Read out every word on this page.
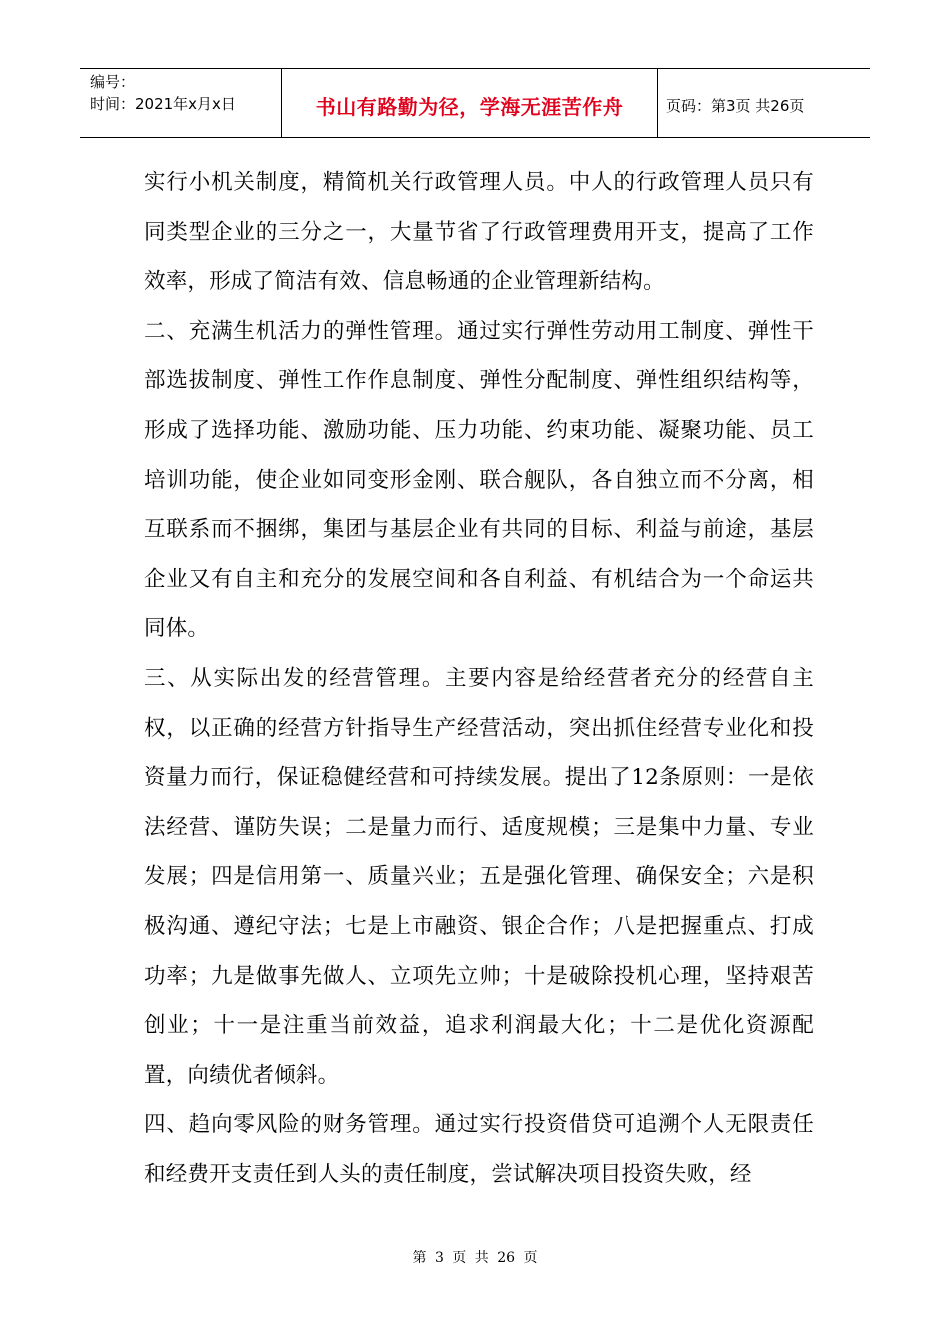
编号：
时间：2021年x月x日	书山有路勤为径，学海无涯苦作舟	页码：第3页 共26页

实行小机关制度，精简机关行政管理人员。中人的行政管理人员只有同类型企业的三分之一，大量节省了行政管理费用开支，提高了工作效率，形成了简洁有效、信息畅通的企业管理新结构。

二、充满生机活力的弹性管理。通过实行弹性劳动用工制度、弹性干部选拔制度、弹性工作作息制度、弹性分配制度、弹性组织结构等，形成了选择功能、激励功能、压力功能、约束功能、凝聚功能、员工培训功能，使企业如同变形金刚、联合舰队，各自独立而不分离，相互联系而不捆绑，集团与基层企业有共同的目标、利益与前途，基层企业又有自主和充分的发展空间和各自利益、有机结合为一个命运共同体。

三、从实际出发的经营管理。主要内容是给经营者充分的经营自主权，以正确的经营方针指导生产经营活动，突出抓住经营专业化和投资量力而行，保证稳健经营和可持续发展。提出了12条原则：一是依法经营、谨防失误；二是量力而行、适度规模；三是集中力量、专业发展；四是信用第一、质量兴业；五是强化管理、确保安全；六是积极沟通、遵纪守法；七是上市融资、银企合作；八是把握重点、打成功率；九是做事先做人、立项先立帅；十是破除投机心理，坚持艰苦创业；十一是注重当前效益，追求利润最大化；十二是优化资源配置，向绩优者倾斜。

四、趋向零风险的财务管理。通过实行投资借贷可追溯个人无限责任和经费开支责任到人头的责任制度，尝试解决项目投资失败，经

第 3 页 共 26 页
